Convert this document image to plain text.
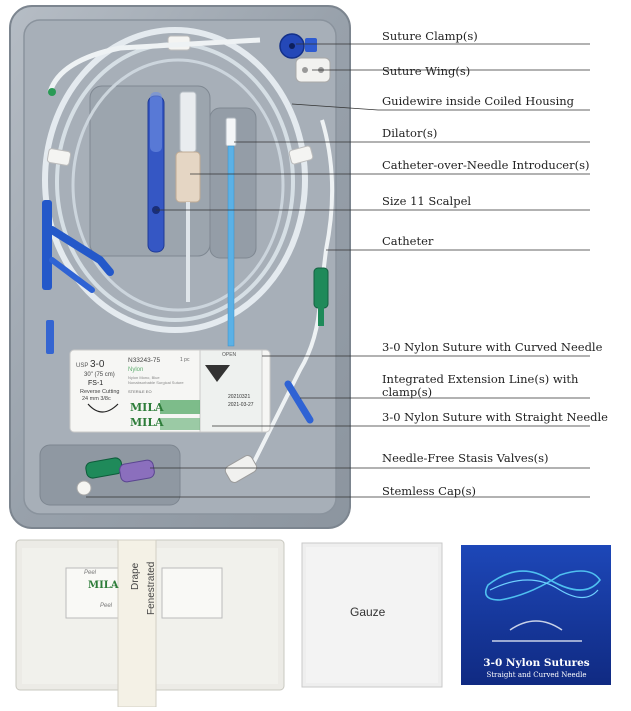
Suture Clamp(s)
Suture Wing(s)
Guidewire inside Coiled Housing
Dilator(s)
Catheter-over-Needle Introducer(s)
Size 11 Scalpel
Catheter
3-0 Nylon Suture with Curved Needle
Integrated Extension Line(s) with clamp(s)
3-0 Nylon Suture with Straight Needle
Needle-Free Stasis Valves(s)
Stemless Cap(s)
USP 3-0	N33243-75	1 pc
Nylon
Nylon Mono, Blue
Nonabsorbable Surgical Suture
30" (75 cm)
FS-1
Reverse Cutting
24 mm 3/8c
MILA
MILA
STERILE EO
OPEN
20210321
2021-03-27
Fenestrated
Drape
Peel
MILA
Peel	Gauze
3-0 Nylon Sutures
Straight and Curved Needle
